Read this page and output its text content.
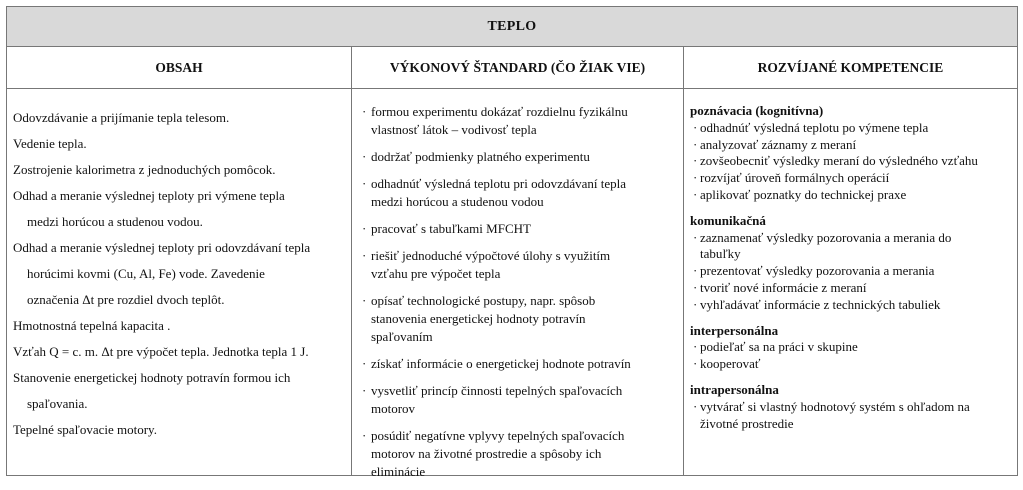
TEPLO
OBSAH	VÝKONOVÝ ŠTANDARD (ČO ŽIAK VIE)	ROZVÍJANÉ KOMPETENCIE
Odovzdávanie a prijímanie tepla telesom.
Vedenie tepla.
Zostrojenie kalorimetra z jednoduchých pomôcok.
Odhad a meranie výslednej teploty pri výmene tepla
medzi horúcou a studenou vodou.
Odhad a meranie výslednej teploty pri odovzdávaní tepla
horúcimi kovmi (Cu, Al, Fe) vode. Zavedenie
označenia Δt pre rozdiel dvoch teplôt.
Hmotnostná tepelná kapacita .
Vzťah Q = c. m. Δt pre výpočet tepla. Jednotka tepla 1 J.
Stanovenie energetickej hodnoty potravín formou ich
spaľovania.
Tepelné spaľovacie motory.
· formou experimentu dokázať rozdielnu fyzikálnu
vlastnosť látok – vodivosť tepla
· dodržať podmienky platného experimentu
· odhadnúť výsledná teplotu pri odovzdávaní tepla
medzi horúcou a studenou vodou
· pracovať s tabuľkami MFCHT
· riešiť jednoduché výpočtové úlohy s využitím
vzťahu pre výpočet tepla
· opísať technologické postupy, napr. spôsob
stanovenia energetickej hodnoty potravín
spaľovaním
· získať informácie o energetickej hodnote potravín
· vysvetliť princíp činnosti tepelných spaľovacích
motorov
· posúdiť negatívne vplyvy tepelných spaľovacích
motorov na životné prostredie a spôsoby ich
eliminácie
poznávacia (kognitívna)
· odhadnúť výsledná teplotu po výmene tepla
· analyzovať záznamy z meraní
· zovšeobecniť výsledky meraní do výsledného vzťahu
· rozvíjať úroveň formálnych operácií
· aplikovať poznatky do technickej praxe
komunikačná
· zaznamenať výsledky pozorovania a merania do
tabuľky
· prezentovať výsledky pozorovania a merania
· tvoriť nové informácie z meraní
· vyhľadávať informácie z technických tabuliek
interpersonálna
· podieľať sa na práci v skupine
· kooperovať
intrapersonálna
· vytvárať si vlastný hodnotový systém s ohľadom na
životné prostredie
